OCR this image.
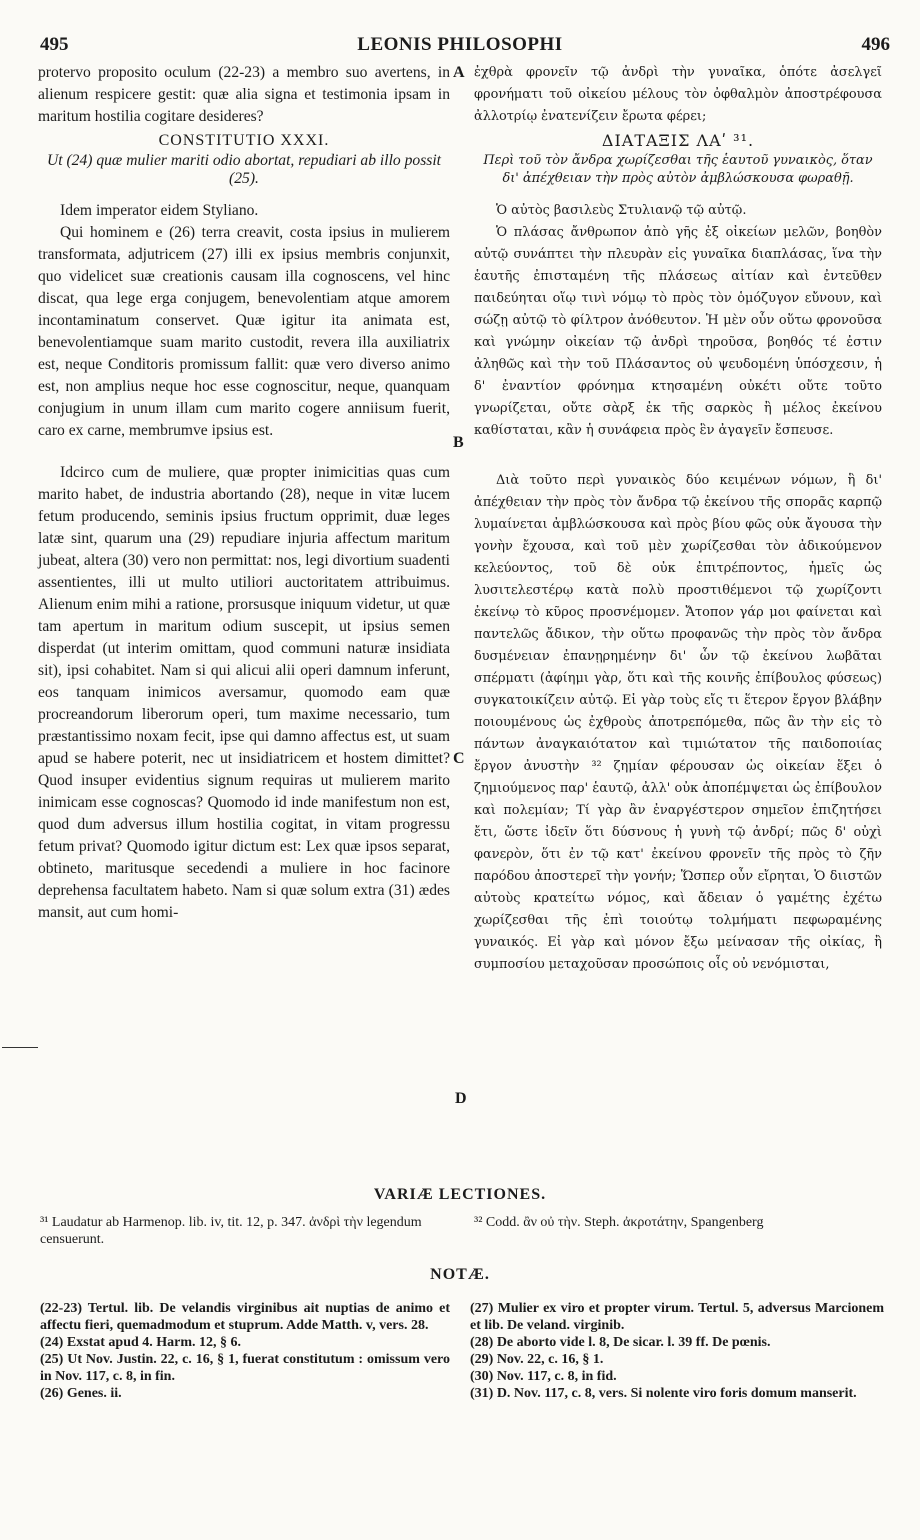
495	LEONIS PHILOSOPHI	496
A
B
C
D

protervo proposito oculum (22-23) a membro suo avertens, in alienum respicere gestit: quæ alia signa et testimonia ipsam in maritum hostilia cogitare desideres?

CONSTITUTIO XXXI.

Ut (24) quæ mulier mariti odio abortat, repudiari ab illo possit (25).

Idem imperator eidem Styliano.

Qui hominem e (26) terra creavit, costa ipsius in mulierem transformata, adjutricem (27) illi ex ipsius membris conjunxit, quo videlicet suæ creationis causam illa cognoscens, vel hinc discat, qua lege erga conjugem, benevolentiam atque amorem incontaminatum conservet. Quæ igitur ita animata est, benevolentiamque suam marito custodit, revera illa auxiliatrix est, neque Conditoris promissum fallit: quæ vero diverso animo est, non amplius neque hoc esse cognoscitur, neque, quanquam conjugium in unum illam cum marito cogere anniisum fuerit, caro ex carne, membrumve ipsius est.

Idcirco cum de muliere, quæ propter inimicitias quas cum marito habet, de industria abortando (28), neque in vitæ lucem fetum producendo, seminis ipsius fructum opprimit, duæ leges latæ sint, quarum una (29) repudiare injuria affectum maritum jubeat, altera (30) vero non permittat: nos, legi divortium suadenti assentientes, illi ut multo utiliori auctoritatem attribuimus. Alienum enim mihi a ratione, prorsusque iniquum videtur, ut quæ tam apertum in maritum odium suscepit, ut ipsius semen disperdat (ut interim omittam, quod communi naturæ insidiata sit), ipsi cohabitet. Nam si qui alicui alii operi damnum inferunt, eos tanquam inimicos aversamur, quomodo eam quæ procreandorum liberorum operi, tum maxime necessario, tum præstantissimo noxam fecit, ipse qui damno affectus est, ut suam apud se habere poterit, nec ut insidiatricem et hostem dimittet? Quod insuper evidentius signum requiras ut mulierem marito inimicam esse cognoscas? Quomodo id inde manifestum non est, quod dum adversus illum hostilia cogitat, in vitam progressu fetum privat? Quomodo igitur dictum est: Lex quæ ipsos separat, obtineto, maritusque secedendi a muliere in hoc facinore deprehensa facultatem habeto. Nam si quæ solum extra (31) ædes mansit, aut cum homi-

ἐχθρὰ φρονεῖν τῷ ἀνδρὶ τὴν γυναῖκα, ὁπότε ἀσελγεῖ φρονήματι τοῦ οἰκείου μέλους τὸν ὀφθαλμὸν ἀποστρέφουσα ἀλλοτρίῳ ἐνατενίζειν ἔρωτα φέρει;

ΔΙΑΤΑΞΙΣ ΛΑʹ ³¹.

Περὶ τοῦ τὸν ἄνδρα χωρίζεσθαι τῆς ἑαυτοῦ γυναικὸς, ὅταν δι' ἀπέχθειαν τὴν πρὸς αὐτὸν ἀμβλώσκουσα φωραθῇ.

Ὁ αὐτὸς βασιλεὺς Στυλιανῷ τῷ αὐτῷ.

Ὁ πλάσας ἄνθρωπον ἀπὸ γῆς ἐξ οἰκείων μελῶν, βοηθὸν αὐτῷ συνάπτει τὴν πλευρὰν εἰς γυναῖκα διαπλάσας, ἵνα τὴν ἑαυτῆς ἐπισταμένη τῆς πλάσεως αἰτίαν καὶ ἐντεῦθεν παιδεύηται οἵῳ τινὶ νόμῳ τὸ πρὸς τὸν ὁμόζυγον εὔνουν, καὶ σώζῃ αὐτῷ τὸ φίλτρον ἀνόθευτον. Ἡ μὲν οὖν οὕτω φρονοῦσα καὶ γνώμην οἰκείαν τῷ ἀνδρὶ τηροῦσα, βοηθός τέ ἐστιν ἀληθῶς καὶ τὴν τοῦ Πλάσαντος οὐ ψευδομένη ὑπόσχεσιν, ἡ δ' ἐναντίον φρόνημα κτησαμένη οὐκέτι οὔτε τοῦτο γνωρίζεται, οὔτε σὰρξ ἐκ τῆς σαρκὸς ἢ μέλος ἐκείνου καθίσταται, κἂν ἡ συνάφεια πρὸς ἓν ἀγαγεῖν ἔσπευσε.

Διὰ τοῦτο περὶ γυναικὸς δύο κειμένων νόμων, ἣ δι' ἀπέχθειαν τὴν πρὸς τὸν ἄνδρα τῷ ἐκείνου τῆς σπορᾶς καρπῷ λυμαίνεται ἀμβλώσκουσα καὶ πρὸς βίου φῶς οὐκ ἄγουσα τὴν γονὴν ἔχουσα, καὶ τοῦ μὲν χωρίζεσθαι τὸν ἀδικούμενον κελεύοντος, τοῦ δὲ οὐκ ἐπιτρέποντος, ἡμεῖς ὡς λυσιτελεστέρῳ κατὰ πολὺ προστιθέμενοι τῷ χωρίζοντι ἐκείνῳ τὸ κῦρος προσνέμομεν. Ἄτοπον γάρ μοι φαίνεται καὶ παντελῶς ἄδικον, τὴν οὕτω προφανῶς τὴν πρὸς τὸν ἄνδρα δυσμένειαν ἐπανῃρημένην δι' ὧν τῷ ἐκείνου λωβᾶται σπέρματι (ἀφίημι γὰρ, ὅτι καὶ τῆς κοινῆς ἐπίβουλος φύσεως) συγκατοικίζειν αὐτῷ. Εἰ γὰρ τοὺς εἴς τι ἕτερον ἔργον βλάβην ποιουμένους ὡς ἐχθροὺς ἀποτρεπόμεθα, πῶς ἂν τὴν εἰς τὸ πάντων ἀναγκαιότατον καὶ τιμιώτατον τῆς παιδοποιίας ἔργον ἀνυστὴν ³² ζημίαν φέρουσαν ὡς οἰκείαν ἕξει ὁ ζημιούμενος παρ' ἑαυτῷ, ἀλλ' οὐκ ἀποπέμψεται ὡς ἐπίβουλον καὶ πολεμίαν; Τί γὰρ ἂν ἐναργέστερον σημεῖον ἐπιζητήσει ἔτι, ὥστε ἰδεῖν ὅτι δύσνους ἡ γυνὴ τῷ ἀνδρί; πῶς δ' οὐχὶ φανερὸν, ὅτι ἐν τῷ κατ' ἐκείνου φρονεῖν τῆς πρὸς τὸ ζῆν παρόδου ἀποστερεῖ τὴν γονήν; Ὥσπερ οὖν εἴρηται, Ὁ διιστῶν αὐτοὺς κρατείτω νόμος, καὶ ἄδειαν ὁ γαμέτης ἐχέτω χωρίζεσθαι τῆς ἐπὶ τοιούτῳ τολμήματι πεφωραμένης γυναικός. Εἰ γὰρ καὶ μόνον ἔξω μείνασαν τῆς οἰκίας, ἢ συμποσίου μεταχοῦσαν προσώποις οἷς οὐ νενόμισται,

VARIÆ LECTIONES.
³¹ Laudatur ab Harmenop. lib. iv, tit. 12, p. 347. ἀνδρὶ τὴν legendum censuerunt.
³² Codd. ἂν οὐ τὴν. Steph. ἀκροτάτην, Spangenberg
NOTÆ.

(22-23) Tertul. lib. De velandis virginibus ait nuptias de animo et affectu fieri, quemadmodum et stuprum. Adde Matth. v, vers. 28.

(24) Exstat apud 4. Harm. 12, § 6.

(25) Ut Nov. Justin. 22, c. 16, § 1, fuerat constitutum : omissum vero in Nov. 117, c. 8, in fin.

(26) Genes. ii.

(27) Mulier ex viro et propter virum. Tertul. 5, adversus Marcionem et lib. De veland. virginib.

(28) De aborto vide l. 8, De sicar. l. 39 ff. De pœnis.

(29) Nov. 22, c. 16, § 1.

(30) Nov. 117, c. 8, in fid.

(31) D. Nov. 117, c. 8, vers. Si nolente viro foris domum manserit.
